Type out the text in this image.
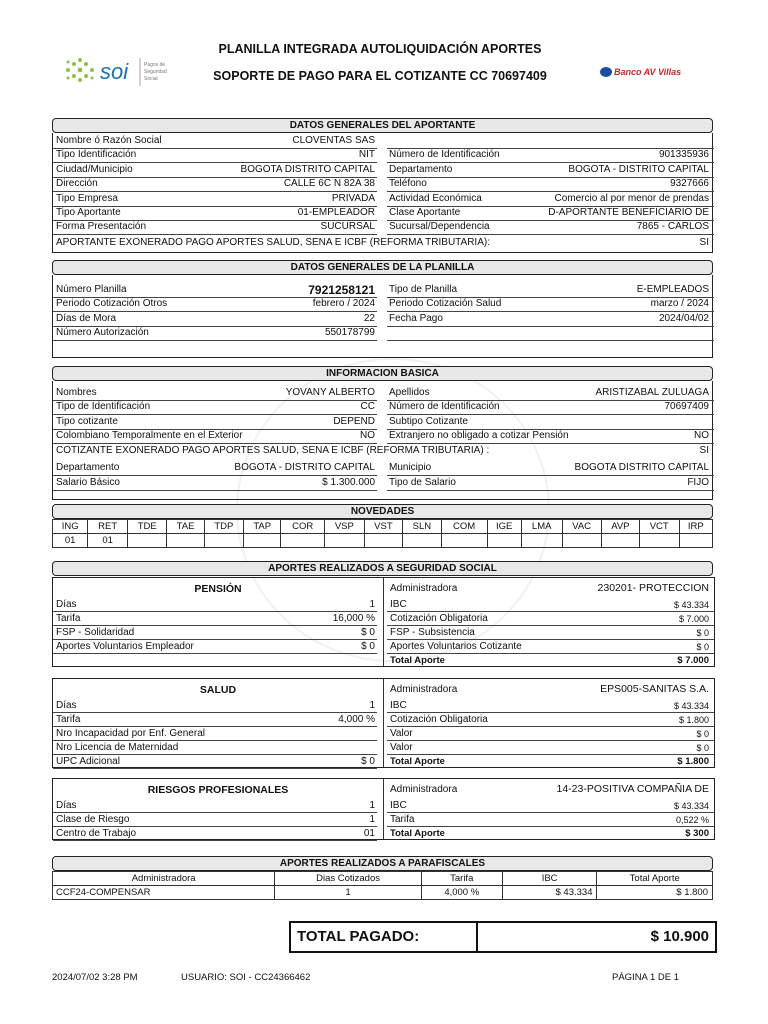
soi	Pagos de
Seguridad
Social
PLANILLA INTEGRADA AUTOLIQUIDACIÓN APORTES
SOPORTE DE PAGO PARA EL COTIZANTE CC 70697409	Banco AV Villas
DATOS GENERALES DEL APORTANTE
Nombre ó Razón Social	CLOVENTAS SAS
Tipo Identificación	NIT Número de Identificación	901335936
Ciudad/Municipio	BOGOTA DISTRITO CAPITAL Departamento	BOGOTA - DISTRITO CAPITAL
Dirección	CALLE 6C N 82A 38 Teléfono	9327666
Tipo Empresa	PRIVADA Actividad Económica	Comercio al por menor de prendas
Tipo Aportante	01-EMPLEADOR Clase Aportante	D-APORTANTE BENEFICIARIO DE
Forma Presentación	SUCURSAL Sucursal/Dependencia	7865 - CARLOS
APORTANTE EXONERADO PAGO APORTES SALUD, SENA E ICBF (REFORMA TRIBUTARIA):	SI
DATOS GENERALES DE LA PLANILLA
Número Planilla	7921258121 Tipo de Planilla	E-EMPLEADOS
Periodo Cotización Otros	febrero / 2024 Periodo Cotización Salud	marzo / 2024
Días de Mora	22 Fecha Pago	2024/04/02
Número Autorización	550178799
INFORMACION BASICA
Nombres	YOVANY ALBERTO Apellidos	ARISTIZABAL ZULUAGA
Tipo de Identificación	CC Número de Identificación	70697409
Tipo cotizante	DEPEND Subtipo Cotizante
Colombiano Temporalmente en el Exterior	NO Extranjero no obligado a cotizar Pensión	NO
COTIZANTE EXONERADO PAGO APORTES SALUD, SENA E ICBF (REFORMA TRIBUTARIA) :	SI
Departamento	BOGOTA - DISTRITO CAPITAL Municipio	BOGOTA DISTRITO CAPITAL
Salario Básico	$ 1.300.000 Tipo de Salario	FIJO
NOVEDADES
ING	RET	TDE	TAE	TDP	TAP	COR	VSP	VST	SLN	COM	IGE	LMA	VAC	AVP	VCT	IRP
01	01															
APORTES REALIZADOS A SEGURIDAD SOCIAL
PENSIÓN
Días	1
Tarifa	16,000 %
FSP - Solidaridad	$ 0
Aportes Voluntarios Empleador	$ 0
Administradora	230201- PROTECCION
IBC	$ 43.334
Cotización Obligatoria	$ 7.000
FSP - Subsistencia	$ 0
Aportes Voluntarios Cotizante	$ 0
Total Aporte	$ 7.000
SALUD
Días	1
Tarifa	4,000 %
Nro Incapacidad por Enf. General
Nro Licencia de Maternidad
UPC Adicional	$ 0
Administradora	EPS005-SANITAS S.A.
IBC	$ 43.334
Cotización Obligatoria	$ 1.800
Valor	$ 0
Valor	$ 0
Total Aporte	$ 1.800
RIESGOS PROFESIONALES
Días	1
Clase de Riesgo	1
Centro de Trabajo	01
Administradora	14-23-POSITIVA COMPAÑIA DE
IBC	$ 43.334
Tarifa	0,522 %
Total Aporte	$ 300
APORTES REALIZADOS A PARAFISCALES
Administradora	Dias Cotizados	Tarifa	IBC	Total Aporte
CCF24-COMPENSAR	1	4,000 %	$ 43.334	$ 1.800
TOTAL PAGADO:	$ 10.900
2024/07/02 3:28 PM	USUARIO: SOI - CC24366462	PÁGINA 1 DE 1
